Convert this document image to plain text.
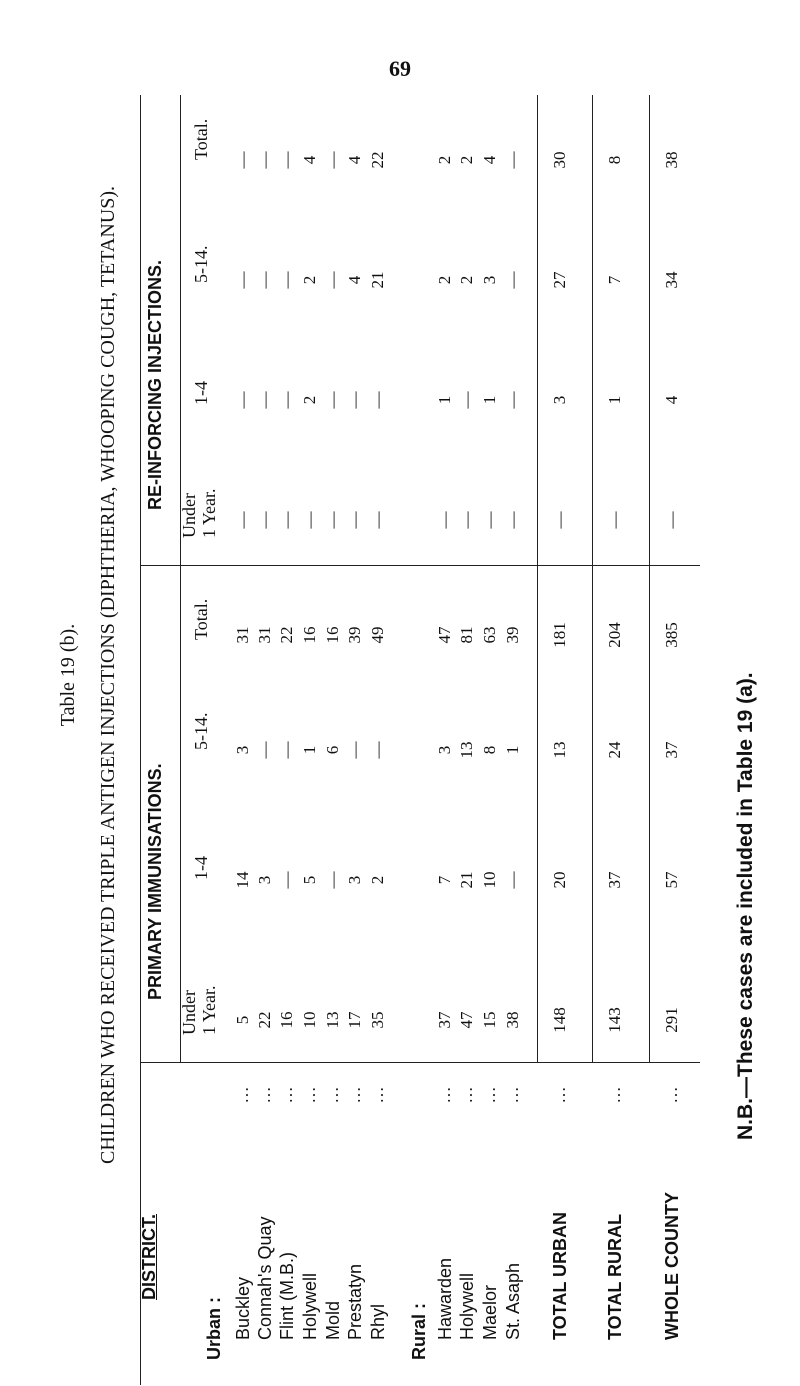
69
Table 19 (b). CHILDREN WHO RECEIVED TRIPLE ANTIGEN INJECTIONS (DIPHTHERIA, WHOOPING COUGH, TETANUS).
DISTRICT.
PRIMARY IMMUNISATIONS.
RE-INFORCING INJECTIONS.
Under 1 Year.
1-4
5-14.
Total.
Under 1 Year.
1-4
5-14.
Total.
Urban :	Rural :
Buckley
…
5
14
3
31
—
—
—
—
Connah's Quay
…
22
3
—
31
—
—
—
—
Flint (M.B.)
…
16
—
—
22
—
—
—
—
Holywell
…
10
5
1
16
—
2
2
4
Mold
…
13
—
6
16
—
—
—
—
Prestatyn
…
17
3
—
39
—
—
4
4
Rhyl
…
35
2
—
49
—
—
21
22
Hawarden
…
37
7
3
47
—
1
2
2
Holywell
…
47
21
13
81
—
—
2
2
Maelor
…
15
10
8
63
—
1
3
4
St. Asaph
…
38
—
1
39
—
—
—
—
TOTAL URBAN
…
148
20
13
181
—
3
27
30
TOTAL RURAL
…
143
37
24
204
—
1
7
8
WHOLE COUNTY
…
291
57
37
385
—
4
34
38
N.B.—These cases are included in Table 19 (a).
